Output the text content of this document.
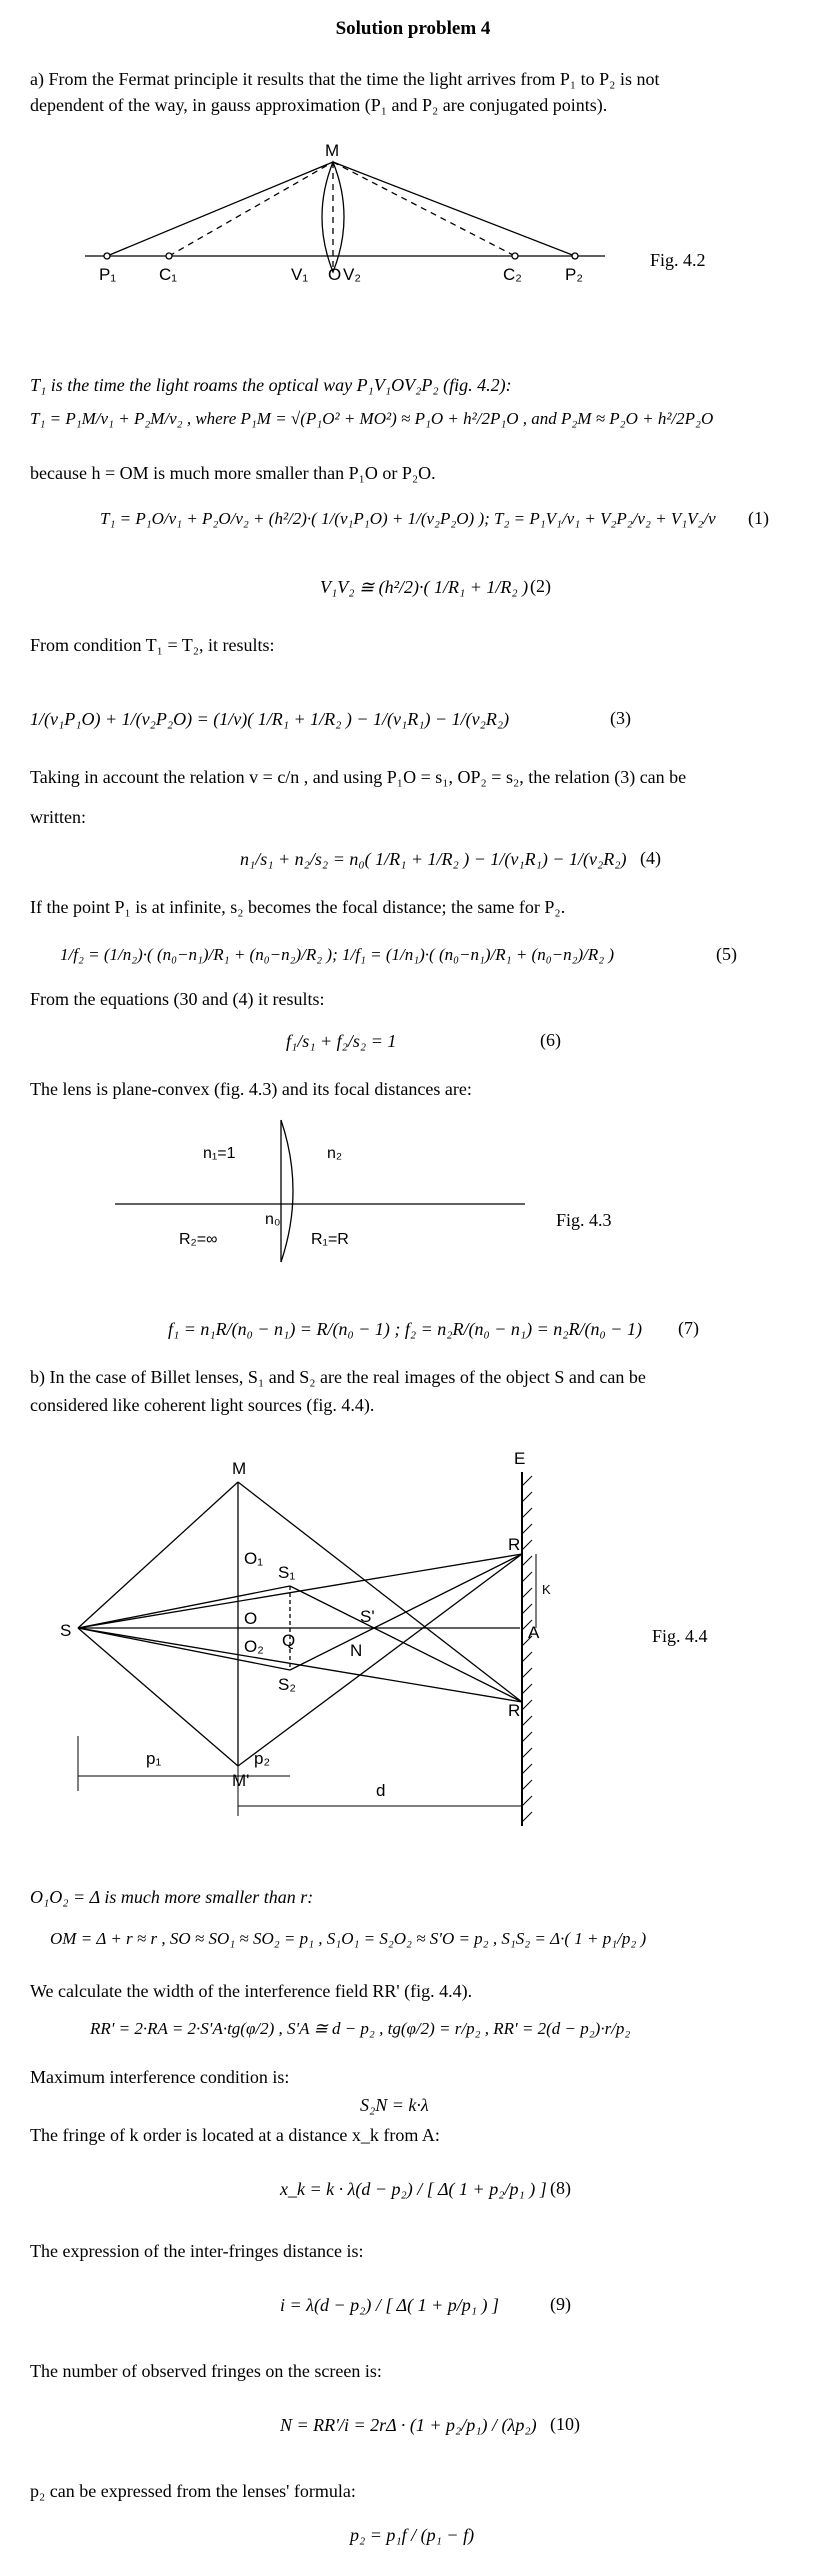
Solution problem 4
a) From the Fermat principle it results that the time the light arrives from P₁ to P₂ is not
dependent of the way, in gauss approximation (P₁ and P₂ are conjugated points).
M
P₁	C₁	V₁ O V₂	C₂	P₂
Fig. 4.2
T₁ is the time the light roams the optical way P₁V₁OV₂P₂ (fig. 4.2):
T₁ = P₁M/v₁ + P₂M/v₂ , where P₁M = √(P₁O² + MO²) ≈ P₁O + h²/2P₁O , and P₂M ≈ P₂O + h²/2P₂O
because h = OM is much more smaller than P₁O or P₂O.
T₁ = P₁O/v₁ + P₂O/v₂ + (h²/2)·( 1/(v₁P₁O) + 1/(v₂P₂O) ); T₂ = P₁V₁/v₁ + V₂P₂/v₂ + V₁V₂/v (1)
V₁V₂ ≅ (h²/2)·( 1/R₁ + 1/R₂ ) (2)
From condition T₁ = T₂, it results:
1/(v₁P₁O) + 1/(v₂P₂O) = (1/v)( 1/R₁ + 1/R₂ ) − 1/(v₁R₁) − 1/(v₂R₂)	(3)
Taking in account the relation v = c/n , and using P₁O = s₁, OP₂ = s₂, the relation (3) can be
written:
n₁/s₁ + n₂/s₂ = n₀( 1/R₁ + 1/R₂ ) − 1/(v₁R₁) − 1/(v₂R₂) (4)
If the point P₁ is at infinite, s₂ becomes the focal distance; the same for P₂.
1/f₂ = (1/n₂)·( (n₀−n₁)/R₁ + (n₀−n₂)/R₂ ); 1/f₁ = (1/n₁)·( (n₀−n₁)/R₁ + (n₀−n₂)/R₂ )	(5)
From the equations (30 and (4) it results:
f₁/s₁ + f₂/s₂ = 1	(6)
The lens is plane-convex (fig. 4.3) and its focal distances are:
n₁=1	n₂
n₀
R₂=∞	R₁=R
Fig. 4.3
f₁ = n₁R/(n₀ − n₁) = R/(n₀ − 1) ; f₂ = n₂R/(n₀ − n₁) = n₂R/(n₀ − 1) (7)
b) In the case of Billet lenses, S₁ and S₂ are the real images of the object S and can be
considered like coherent light sources (fig. 4.4).
M
E
R
R'
K
A
S
O₁
O
O₂
S₁
S₂
S'
Q
N
M'
p₁	p₂
d
Fig. 4.4
O₁O₂ = Δ is much more smaller than r:
OM = Δ + r ≈ r , SO ≈ SO₁ ≈ SO₂ = p₁ , S₁O₁ = S₂O₂ ≈ S'O = p₂ , S₁S₂ = Δ·( 1 + p₁/p₂ )
We calculate the width of the interference field RR' (fig. 4.4).
RR' = 2·RA = 2·S'A·tg(φ/2) , S'A ≅ d − p₂ , tg(φ/2) = r/p₂ , RR' = 2(d − p₂)·r/p₂
Maximum interference condition is:
S₂N = k·λ
The fringe of k order is located at a distance x_k from A:
x_k = k · λ(d − p₂) / [ Δ( 1 + p₂/p₁ ) ] (8)
The expression of the inter-fringes distance is:
i = λ(d − p₂) / [ Δ( 1 + p/p₁ ) ]	(9)
The number of observed fringes on the screen is:
N = RR'/i = 2rΔ · (1 + p₂/p₁) / (λp₂) (10)
p₂ can be expressed from the lenses' formula:
p₂ = p₁f / (p₁ − f)
